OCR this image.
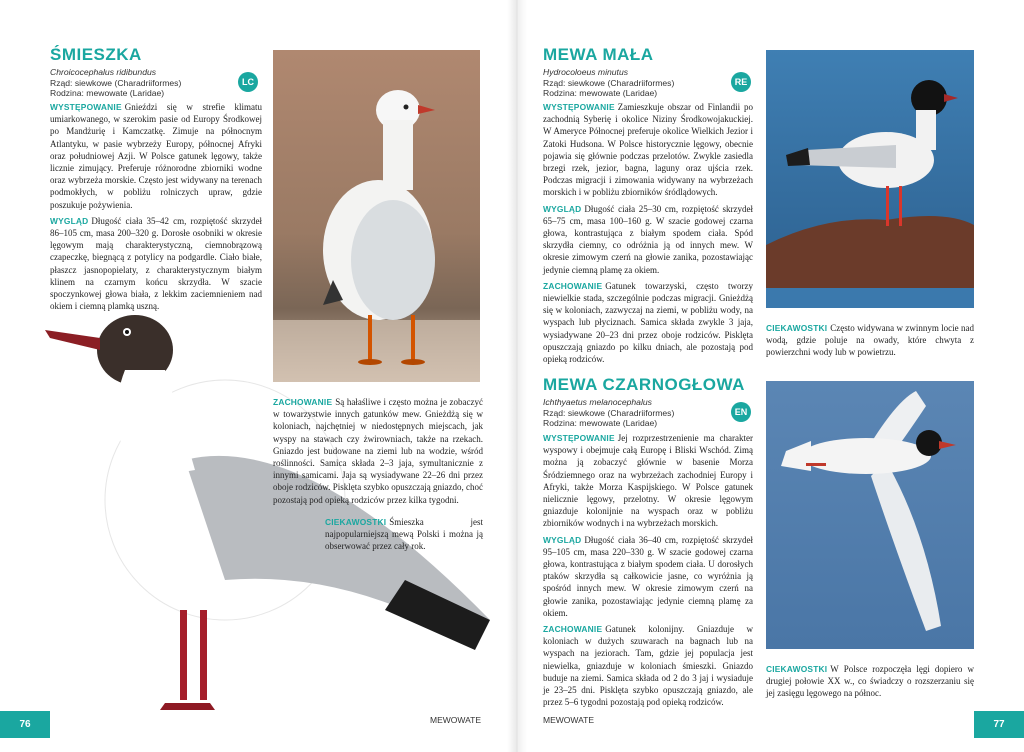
ŚMIESZKA
Chroicocephalus ridibundus
Rząd: siewkowe (Charadriiformes)
Rodzina: mewowate (Laridae)
LC

WYSTĘPOWANIE Gnieździ się w strefie klimatu umiarkowanego, w szerokim pasie od Europy Środkowej po Mandżurię i Kamczatkę. Zimuje na północnym Atlantyku, w pasie wybrzeży Europy, północnej Afryki oraz południowej Azji. W Polsce gatunek lęgowy, także licznie zimujący. Preferuje różnorodne zbiorniki wodne oraz wybrzeża morskie. Często jest widywany na terenach podmokłych, w pobliżu rolniczych upraw, gdzie poszukuje pożywienia.

WYGLĄD Długość ciała 35–42 cm, rozpiętość skrzydeł 86–105 cm, masa 200–320 g. Dorosłe osobniki w okresie lęgowym mają charakterystyczną, ciemnobrązową czapeczkę, biegnącą z potylicy na podgardle. Ciało białe, płaszcz jasnopopielaty, z charakterystycznym białym klinem na czarnym końcu skrzydła. W szacie spoczynkowej głowa biała, z lekkim zaciemnieniem nad okiem i ciemną plamką uszną.

ZACHOWANIE Są hałaśliwe i często można je zobaczyć w towarzystwie innych gatunków mew. Gnieżdżą się w koloniach, najchętniej w niedostępnych miejscach, jak wyspy na stawach czy żwirowniach, także na rzekach. Gniazdo jest budowane na ziemi lub na wodzie, wśród roślinności. Samica składa 2–3 jaja, symultanicznie z innymi samicami. Jaja są wysiadywane 22–26 dni przez oboje rodziców. Pisklęta szybko opuszczają gniazdo, choć pozostają pod opieką rodziców przez kilka tygodni.

CIEKAWOSTKI Śmieszka jest najpopularniejszą mewą Polski i można ją obserwować przez cały rok.

76	MEWOWATE
MEWA MAŁA
Hydrocoloeus minutus
Rząd: siewkowe (Charadriiformes)
Rodzina: mewowate (Laridae)
RE

WYSTĘPOWANIE Zamieszkuje obszar od Finlandii po zachodnią Syberię i okolice Niziny Środkowojakuckiej. W Ameryce Północnej preferuje okolice Wielkich Jezior i Zatoki Hudsona. W Polsce historycznie lęgowy, obecnie pojawia się głównie podczas przelotów. Zwykle zasiedla brzegi rzek, jezior, bagna, laguny oraz ujścia rzek. Podczas migracji i zimowania widywany na wybrzeżach morskich i w pobliżu zbiorników śródlądowych.

WYGLĄD Długość ciała 25–30 cm, rozpiętość skrzydeł 65–75 cm, masa 100–160 g. W szacie godowej czarna głowa, kontrastująca z białym spodem ciała. Spód skrzydła ciemny, co odróżnia ją od innych mew. W okresie zimowym czerń na głowie zanika, pozostawiając jedynie ciemną plamę za okiem.

ZACHOWANIE Gatunek towarzyski, często tworzy niewielkie stada, szczególnie podczas migracji. Gnieżdżą się w koloniach, zazwyczaj na ziemi, w pobliżu wody, na wyspach lub płyciznach. Samica składa zwykle 3 jaja, wysiadywane 20–23 dni przez oboje rodziców. Pisklęta opuszczają gniazdo po kilku dniach, ale pozostają pod opieką rodziców.

CIEKAWOSTKI Często widywana w zwinnym locie nad wodą, gdzie poluje na owady, które chwyta z powierzchni wody lub w powietrzu.

MEWA CZARNOGŁOWA
Ichthyaetus melanocephalus
Rząd: siewkowe (Charadriiformes)
Rodzina: mewowate (Laridae)
EN

WYSTĘPOWANIE Jej rozprzestrzenienie ma charakter wyspowy i obejmuje całą Europę i Bliski Wschód. Zimą można ją zobaczyć głównie w basenie Morza Śródziemnego oraz na wybrzeżach zachodniej Europy i Afryki, także Morza Kaspijskiego. W Polsce gatunek nielicznie lęgowy, przelotny. W okresie lęgowym gniazduje kolonijnie na wyspach oraz w pobliżu zbiorników wodnych i na wybrzeżach morskich.

WYGLĄD Długość ciała 36–40 cm, rozpiętość skrzydeł 95–105 cm, masa 220–330 g. W szacie godowej czarna głowa, kontrastująca z białym spodem ciała. U dorosłych ptaków skrzydła są całkowicie jasne, co wyróżnia ją spośród innych mew. W okresie zimowym czerń na głowie zanika, pozostawiając jedynie ciemną plamę za okiem.

ZACHOWANIE Gatunek kolonijny. Gniazduje w koloniach w dużych szuwarach na bagnach lub na wyspach na jeziorach. Tam, gdzie jej populacja jest niewielka, gniazduje w koloniach śmieszki. Gniazdo buduje na ziemi. Samica składa od 2 do 3 jaj i wysiaduje je 23–25 dni. Pisklęta szybko opuszczają gniazdo, ale przez 5–6 tygodni pozostają pod opieką rodziców.

CIEKAWOSTKI W Polsce rozpoczęła lęgi dopiero w drugiej połowie XX w., co świadczy o rozszerzaniu się jej zasięgu lęgowego na północ.

MEWOWATE	77
